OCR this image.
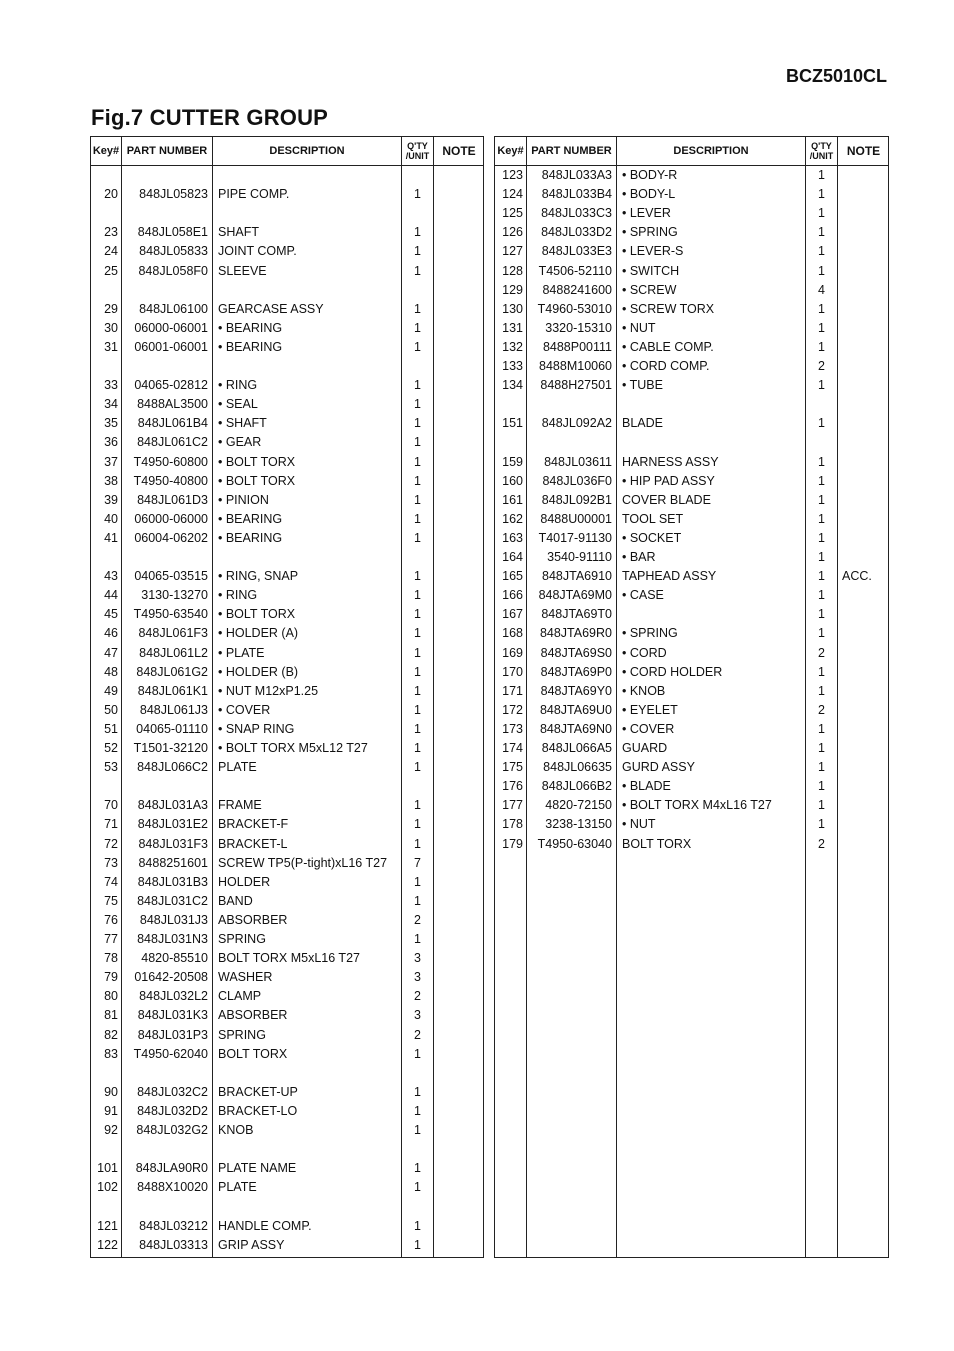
BCZ5010CL
Fig.7 CUTTER GROUP
Key# PART NUMBER	DESCRIPTION	Q'TY
/UNIT	NOTE
20	848JL05823 PIPE COMP.	1
23	848JL058E1 SHAFT	1
24	848JL05833 JOINT COMP.	1
25	848JL058F0 SLEEVE	1
29	848JL06100 GEARCASE ASSY	1
30	06000-06001 • BEARING	1
31	06001-06001 • BEARING	1
33	04065-02812 • RING	1
34	8488AL3500 • SEAL	1
35	848JL061B4 • SHAFT	1
36	848JL061C2 • GEAR	1
37	T4950-60800 • BOLT TORX	1
38	T4950-40800 • BOLT TORX	1
39	848JL061D3 • PINION	1
40	06000-06000 • BEARING	1
41	06004-06202 • BEARING	1
43	04065-03515 • RING, SNAP	1
44	3130-13270 • RING	1
45	T4950-63540 • BOLT TORX	1
46	848JL061F3 • HOLDER (A)	1
47	848JL061L2 • PLATE	1
48	848JL061G2 • HOLDER (B)	1
49	848JL061K1 • NUT M12xP1.25	1
50	848JL061J3 • COVER	1
51	04065-01110 • SNAP RING	1
52	T1501-32120 • BOLT TORX M5xL12 T27	1
53	848JL066C2 PLATE	1
70	848JL031A3 FRAME	1
71	848JL031E2 BRACKET-F	1
72	848JL031F3 BRACKET-L	1
73	8488251601 SCREW TP5(P-tight)xL16 T27	7
74	848JL031B3 HOLDER	1
75	848JL031C2 BAND	1
76	848JL031J3 ABSORBER	2
77	848JL031N3 SPRING	1
78	4820-85510 BOLT TORX M5xL16 T27	3
79	01642-20508 WASHER	3
80	848JL032L2 CLAMP	2
81	848JL031K3 ABSORBER	3
82	848JL031P3 SPRING	2
83	T4950-62040 BOLT TORX	1
90	848JL032C2 BRACKET-UP	1
91	848JL032D2 BRACKET-LO	1
92	848JL032G2 KNOB	1
101	848JLA90R0 PLATE NAME	1
102	8488X10020 PLATE	1
121	848JL03212 HANDLE COMP.	1
122	848JL03313 GRIP ASSY	1
Key# PART NUMBER	DESCRIPTION	Q'TY
/UNIT	NOTE
123	848JL033A3 • BODY-R	1
124	848JL033B4 • BODY-L	1
125	848JL033C3 • LEVER	1
126	848JL033D2 • SPRING	1
127	848JL033E3 • LEVER-S	1
128	T4506-52110 • SWITCH	1
129	8488241600 • SCREW	4
130	T4960-53010 • SCREW TORX	1
131	3320-15310 • NUT	1
132	8488P00111 • CABLE COMP.	1
133	8488M10060 • CORD COMP.	2
134	8488H27501 • TUBE	1
151	848JL092A2 BLADE	1
159	848JL03611 HARNESS ASSY	1
160	848JL036F0 • HIP PAD ASSY	1
161	848JL092B1 COVER BLADE	1
162	8488U00001 TOOL SET	1
163	T4017-91130 • SOCKET	1
164	3540-91110 • BAR	1
165	848JTA6910 TAPHEAD ASSY	1	ACC.
166	848JTA69M0 • CASE	1
167	848JTA69T0	1
168	848JTA69R0 • SPRING	1
169	848JTA69S0 • CORD	2
170	848JTA69P0 • CORD HOLDER	1
171	848JTA69Y0 • KNOB	1
172	848JTA69U0 • EYELET	2
173	848JTA69N0 • COVER	1
174	848JL066A5 GUARD	1
175	848JL06635 GURD ASSY	1
176	848JL066B2 • BLADE	1
177	4820-72150 • BOLT TORX M4xL16 T27	1
178	3238-13150 • NUT	1
179	T4950-63040 BOLT TORX	2
